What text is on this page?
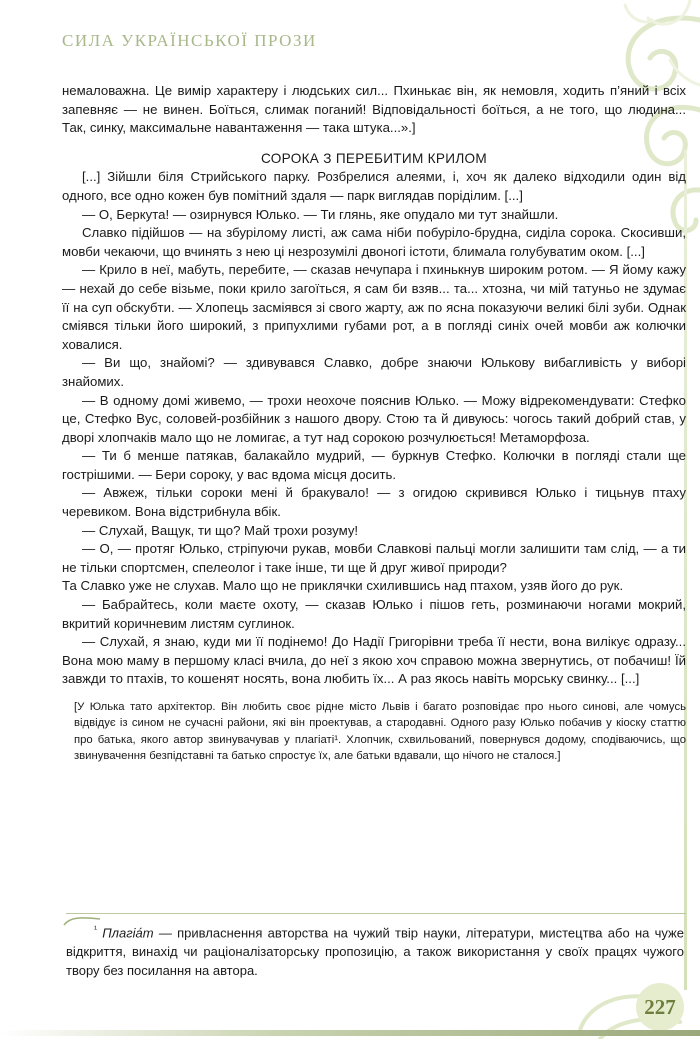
СИЛА УКРАЇНСЬКОЇ ПРОЗИ

немаловажна. Це вимір характеру і людських сил... Пхинькає він, як немовля, ходить п’яний і всіх запевняє — не винен. Боїться, слимак поганий! Відповідальності боїться, а не того, що людина... Так, синку, максимальне навантаження — така штука...».]

СОРОКА З ПЕРЕБИТИМ КРИЛОМ

[...] Зійшли біля Стрийського парку. Розбрелися алеями, і, хоч як далеко відходили один від одного, все одно кожен був помітний здаля — парк виглядав поріділим. [...]

— О, Беркута! — озирнувся Юлько. — Ти глянь, яке опудало ми тут знайшли.

Славко підійшов — на збурілому листі, аж сама ніби побуріло-брудна, сиділа сорока. Скосивши, мовби чекаючи, що вчинять з нею ці незрозумілі двоногі істоти, блимала голубуватим оком. [...]

— Крило в неї, мабуть, перебите, — сказав нечупара і пхинькнув широким ротом. — Я йому кажу — нехай до себе візьме, поки крило загоїться, я сам би взяв... та... хтозна, чи мій татуньо не здумає її на суп обскубти. — Хлопець засміявся зі свого жарту, аж по ясна показуючи великі білі зуби. Однак сміявся тільки його широкий, з припухлими губами рот, а в погляді синіх очей мовби аж колючки ховалися.

— Ви що, знайомі? — здивувався Славко, добре знаючи Юлькову вибагливість у виборі знайомих.

— В одному домі живемо, — трохи неохоче пояснив Юлько. — Можу відрекомендувати: Стефко це, Стефко Вус, соловей-розбійник з нашого двору. Стою та й дивуюсь: чогось такий добрий став, у дворі хлопчаків мало що не ломигає, а тут над сорокою розчулюється! Метаморфоза.

— Ти б менше патякав, балакайло мудрий, — буркнув Стефко. Колючки в погляді стали ще гострішими. — Бери сороку, у вас вдома місця досить.

— Авжеж, тільки сороки мені й бракувало! — з огидою скривився Юлько і тицьнув птаху черевиком. Вона відстрибнула вбік.

— Слухай, Ващук, ти що? Май трохи розуму!

— О, — протяг Юлько, стріпуючи рукав, мовби Славкові пальці могли залишити там слід, — а ти не тільки спортсмен, спелеолог і таке інше, ти ще й друг живої природи?

Та Славко уже не слухав. Мало що не приклячки схилившись над птахом, узяв його до рук.

— Бабрайтесь, коли маєте охоту, — сказав Юлько і пішов геть, розминаючи ногами мокрий, вкритий коричневим листям суглинок.

— Слухай, я знаю, куди ми її подінемо! До Надії Григорівни треба її нести, вона вилікує одразу... Вона мою маму в першому класі вчила, до неї з якою хоч справою можна звернутись, от побачиш! Їй завжди то птахів, то кошенят носять, вона любить їх... А раз якось навіть морську свинку... [...]

[У Юлька тато архітектор. Він любить своє рідне місто Львів і багато розповідає про нього синові, але чомусь відвідує із сином не сучасні райони, які він проектував, а стародавні. Одного разу Юлько побачив у кіоску статтю про батька, якого автор звинувачував у плагіаті¹. Хлопчик, схвильований, повернувся додому, сподіваючись, що звинувачення безпідставні та батько спростує їх, але батьки вдавали, що нічого не сталося.]
$^{^1}$ Плагіа́т — привласнення авторства на чужий твір науки, літератури, мистецтва або на чуже відкриття, винахід чи раціоналізаторську пропозицію, а також використання у своїх працях чужого твору без посилання на автора.
227
